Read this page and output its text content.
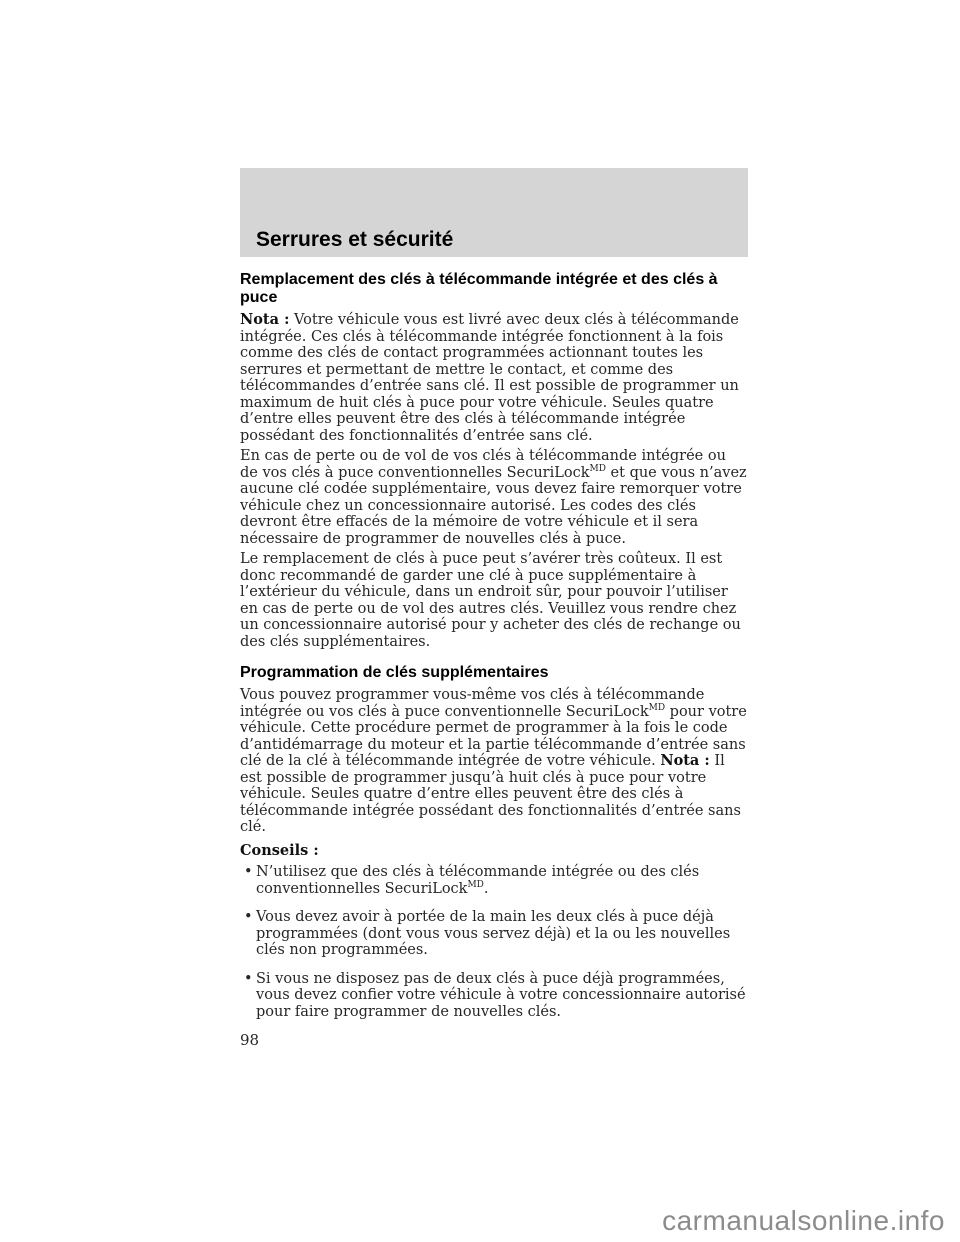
Serrures et sécurité
Remplacement des clés à télécommande intégrée et des clés à puce

Nota : Votre véhicule vous est livré avec deux clés à télécommande intégrée. Ces clés à télécommande intégrée fonctionnent à la fois comme des clés de contact programmées actionnant toutes les serrures et permettant de mettre le contact, et comme des télécommandes d’entrée sans clé. Il est possible de programmer un maximum de huit clés à puce pour votre véhicule. Seules quatre d’entre elles peuvent être des clés à télécommande intégrée possédant des fonctionnalités d’entrée sans clé.

En cas de perte ou de vol de vos clés à télécommande intégrée ou de vos clés à puce conventionnelles SecuriLock$^{MD}$ et que vous n’avez aucune clé codée supplémentaire, vous devez faire remorquer votre véhicule chez un concessionnaire autorisé. Les codes des clés devront être effacés de la mémoire de votre véhicule et il sera nécessaire de programmer de nouvelles clés à puce.

Le remplacement de clés à puce peut s’avérer très coûteux. Il est donc recommandé de garder une clé à puce supplémentaire à l’extérieur du véhicule, dans un endroit sûr, pour pouvoir l’utiliser en cas de perte ou de vol des autres clés. Veuillez vous rendre chez un concessionnaire autorisé pour y acheter des clés de rechange ou des clés supplémentaires.

Programmation de clés supplémentaires

Vous pouvez programmer vous-même vos clés à télécommande intégrée ou vos clés à puce conventionnelle SecuriLock$^{MD}$ pour votre véhicule. Cette procédure permet de programmer à la fois le code d’antidémarrage du moteur et la partie télécommande d’entrée sans clé de la clé à télécommande intégrée de votre véhicule. Nota : Il est possible de programmer jusqu’à huit clés à puce pour votre véhicule. Seules quatre d’entre elles peuvent être des clés à télécommande intégrée possédant des fonctionnalités d’entrée sans clé.

Conseils :

• N’utilisez que des clés à télécommande intégrée ou des clés conventionnelles SecuriLock$^{MD}$.
• Vous devez avoir à portée de la main les deux clés à puce déjà programmées (dont vous vous servez déjà) et la ou les nouvelles clés non programmées.
• Si vous ne disposez pas de deux clés à puce déjà programmées, vous devez confier votre véhicule à votre concessionnaire autorisé pour faire programmer de nouvelles clés.
98
carmanualsonline.info
